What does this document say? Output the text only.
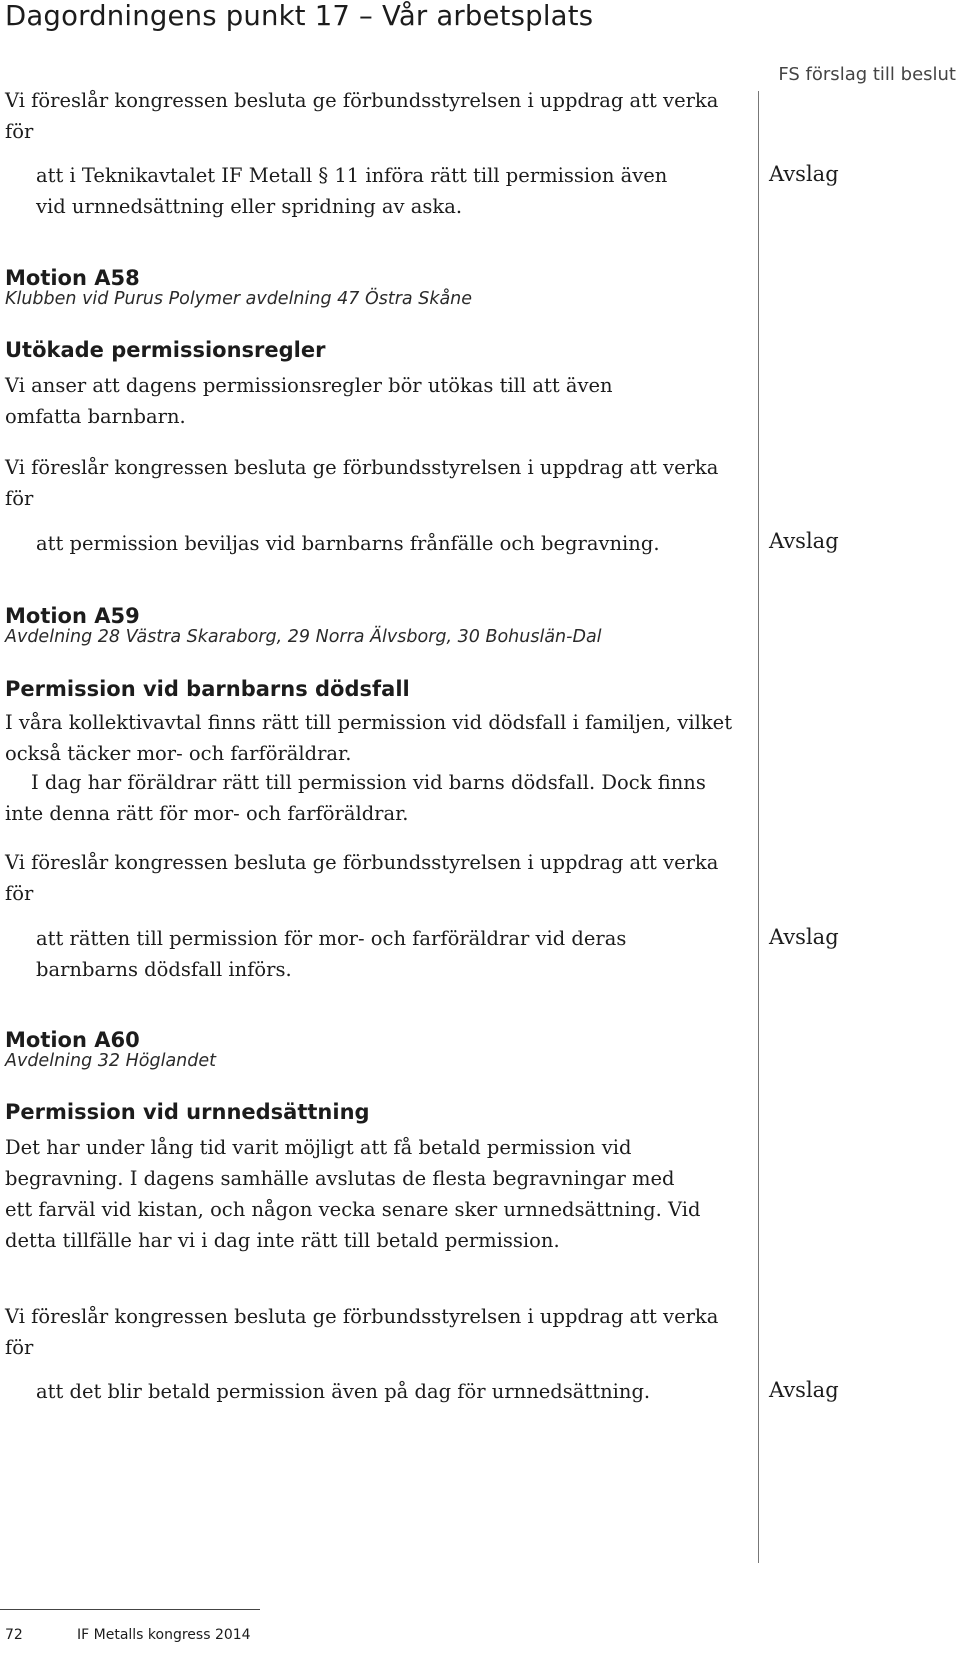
Dagordningens punkt 17 – Vår arbetsplats
FS förslag till beslut
Vi föreslår kongressen besluta ge förbundsstyrelsen i uppdrag att verka för
att i Teknikavtalet IF Metall § 11 införa rätt till permission även vid urnnedsättning eller spridning av aska.
Avslag
Motion A58
Klubben vid Purus Polymer avdelning 47 Östra Skåne
Utökade permissionsregler
Vi anser att dagens permissionsregler bör utökas till att även omfatta barnbarn.
Vi föreslår kongressen besluta ge förbundsstyrelsen i uppdrag att verka för
att permission beviljas vid barnbarns frånfälle och begravning.	Avslag
Motion A59
Avdelning 28 Västra Skaraborg, 29 Norra Älvsborg, 30 Bohuslän-Dal
Permission vid barnbarns dödsfall
I våra kollektivavtal finns rätt till permission vid dödsfall i familjen, vilket också täcker mor- och farföräldrar.
I dag har föräldrar rätt till permission vid barns dödsfall. Dock finns inte denna rätt för mor- och farföräldrar.
Vi föreslår kongressen besluta ge förbundsstyrelsen i uppdrag att verka för
att rätten till permission för mor- och farföräldrar vid deras barnbarns dödsfall införs.
Avslag
Motion A60
Avdelning 32 Höglandet
Permission vid urnnedsättning
Det har under lång tid varit möjligt att få betald permission vid begravning. I dagens samhälle avslutas de flesta begravningar med ett farväl vid kistan, och någon vecka senare sker urnnedsättning. Vid detta tillfälle har vi i dag inte rätt till betald permission.
Vi föreslår kongressen besluta ge förbundsstyrelsen i uppdrag att verka för
att det blir betald permission även på dag för urnnedsättning.	Avslag
72	IF Metalls kongress 2014
